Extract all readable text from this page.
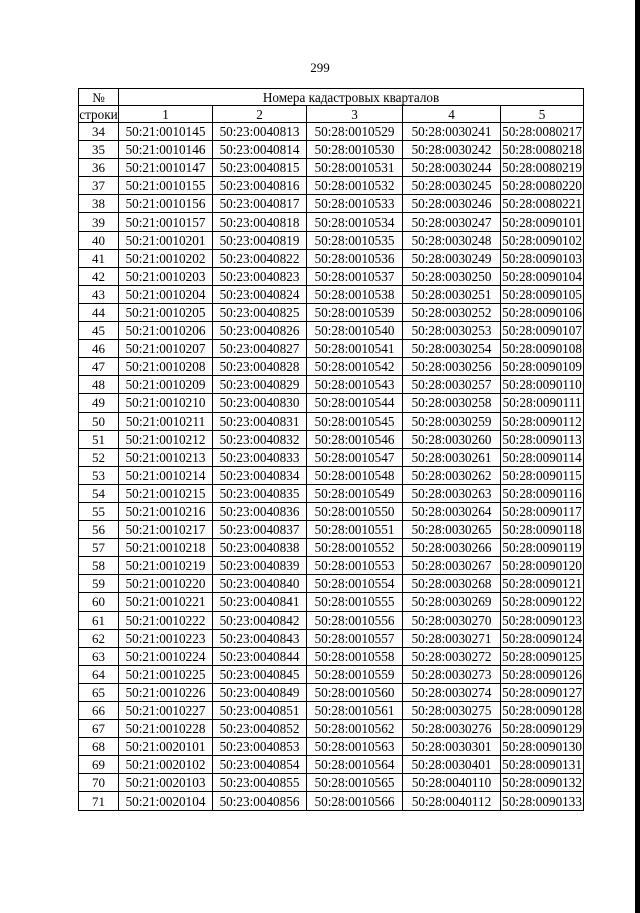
299
№	Номера кадастровых кварталов				
строки	1	2	3	4	5
34	50:21:0010145	50:23:0040813	50:28:0010529	50:28:0030241	50:28:0080217
35	50:21:0010146	50:23:0040814	50:28:0010530	50:28:0030242	50:28:0080218
36	50:21:0010147	50:23:0040815	50:28:0010531	50:28:0030244	50:28:0080219
37	50:21:0010155	50:23:0040816	50:28:0010532	50:28:0030245	50:28:0080220
38	50:21:0010156	50:23:0040817	50:28:0010533	50:28:0030246	50:28:0080221
39	50:21:0010157	50:23:0040818	50:28:0010534	50:28:0030247	50:28:0090101
40	50:21:0010201	50:23:0040819	50:28:0010535	50:28:0030248	50:28:0090102
41	50:21:0010202	50:23:0040822	50:28:0010536	50:28:0030249	50:28:0090103
42	50:21:0010203	50:23:0040823	50:28:0010537	50:28:0030250	50:28:0090104
43	50:21:0010204	50:23:0040824	50:28:0010538	50:28:0030251	50:28:0090105
44	50:21:0010205	50:23:0040825	50:28:0010539	50:28:0030252	50:28:0090106
45	50:21:0010206	50:23:0040826	50:28:0010540	50:28:0030253	50:28:0090107
46	50:21:0010207	50:23:0040827	50:28:0010541	50:28:0030254	50:28:0090108
47	50:21:0010208	50:23:0040828	50:28:0010542	50:28:0030256	50:28:0090109
48	50:21:0010209	50:23:0040829	50:28:0010543	50:28:0030257	50:28:0090110
49	50:21:0010210	50:23:0040830	50:28:0010544	50:28:0030258	50:28:0090111
50	50:21:0010211	50:23:0040831	50:28:0010545	50:28:0030259	50:28:0090112
51	50:21:0010212	50:23:0040832	50:28:0010546	50:28:0030260	50:28:0090113
52	50:21:0010213	50:23:0040833	50:28:0010547	50:28:0030261	50:28:0090114
53	50:21:0010214	50:23:0040834	50:28:0010548	50:28:0030262	50:28:0090115
54	50:21:0010215	50:23:0040835	50:28:0010549	50:28:0030263	50:28:0090116
55	50:21:0010216	50:23:0040836	50:28:0010550	50:28:0030264	50:28:0090117
56	50:21:0010217	50:23:0040837	50:28:0010551	50:28:0030265	50:28:0090118
57	50:21:0010218	50:23:0040838	50:28:0010552	50:28:0030266	50:28:0090119
58	50:21:0010219	50:23:0040839	50:28:0010553	50:28:0030267	50:28:0090120
59	50:21:0010220	50:23:0040840	50:28:0010554	50:28:0030268	50:28:0090121
60	50:21:0010221	50:23:0040841	50:28:0010555	50:28:0030269	50:28:0090122
61	50:21:0010222	50:23:0040842	50:28:0010556	50:28:0030270	50:28:0090123
62	50:21:0010223	50:23:0040843	50:28:0010557	50:28:0030271	50:28:0090124
63	50:21:0010224	50:23:0040844	50:28:0010558	50:28:0030272	50:28:0090125
64	50:21:0010225	50:23:0040845	50:28:0010559	50:28:0030273	50:28:0090126
65	50:21:0010226	50:23:0040849	50:28:0010560	50:28:0030274	50:28:0090127
66	50:21:0010227	50:23:0040851	50:28:0010561	50:28:0030275	50:28:0090128
67	50:21:0010228	50:23:0040852	50:28:0010562	50:28:0030276	50:28:0090129
68	50:21:0020101	50:23:0040853	50:28:0010563	50:28:0030301	50:28:0090130
69	50:21:0020102	50:23:0040854	50:28:0010564	50:28:0030401	50:28:0090131
70	50:21:0020103	50:23:0040855	50:28:0010565	50:28:0040110	50:28:0090132
71	50:21:0020104	50:23:0040856	50:28:0010566	50:28:0040112	50:28:0090133
